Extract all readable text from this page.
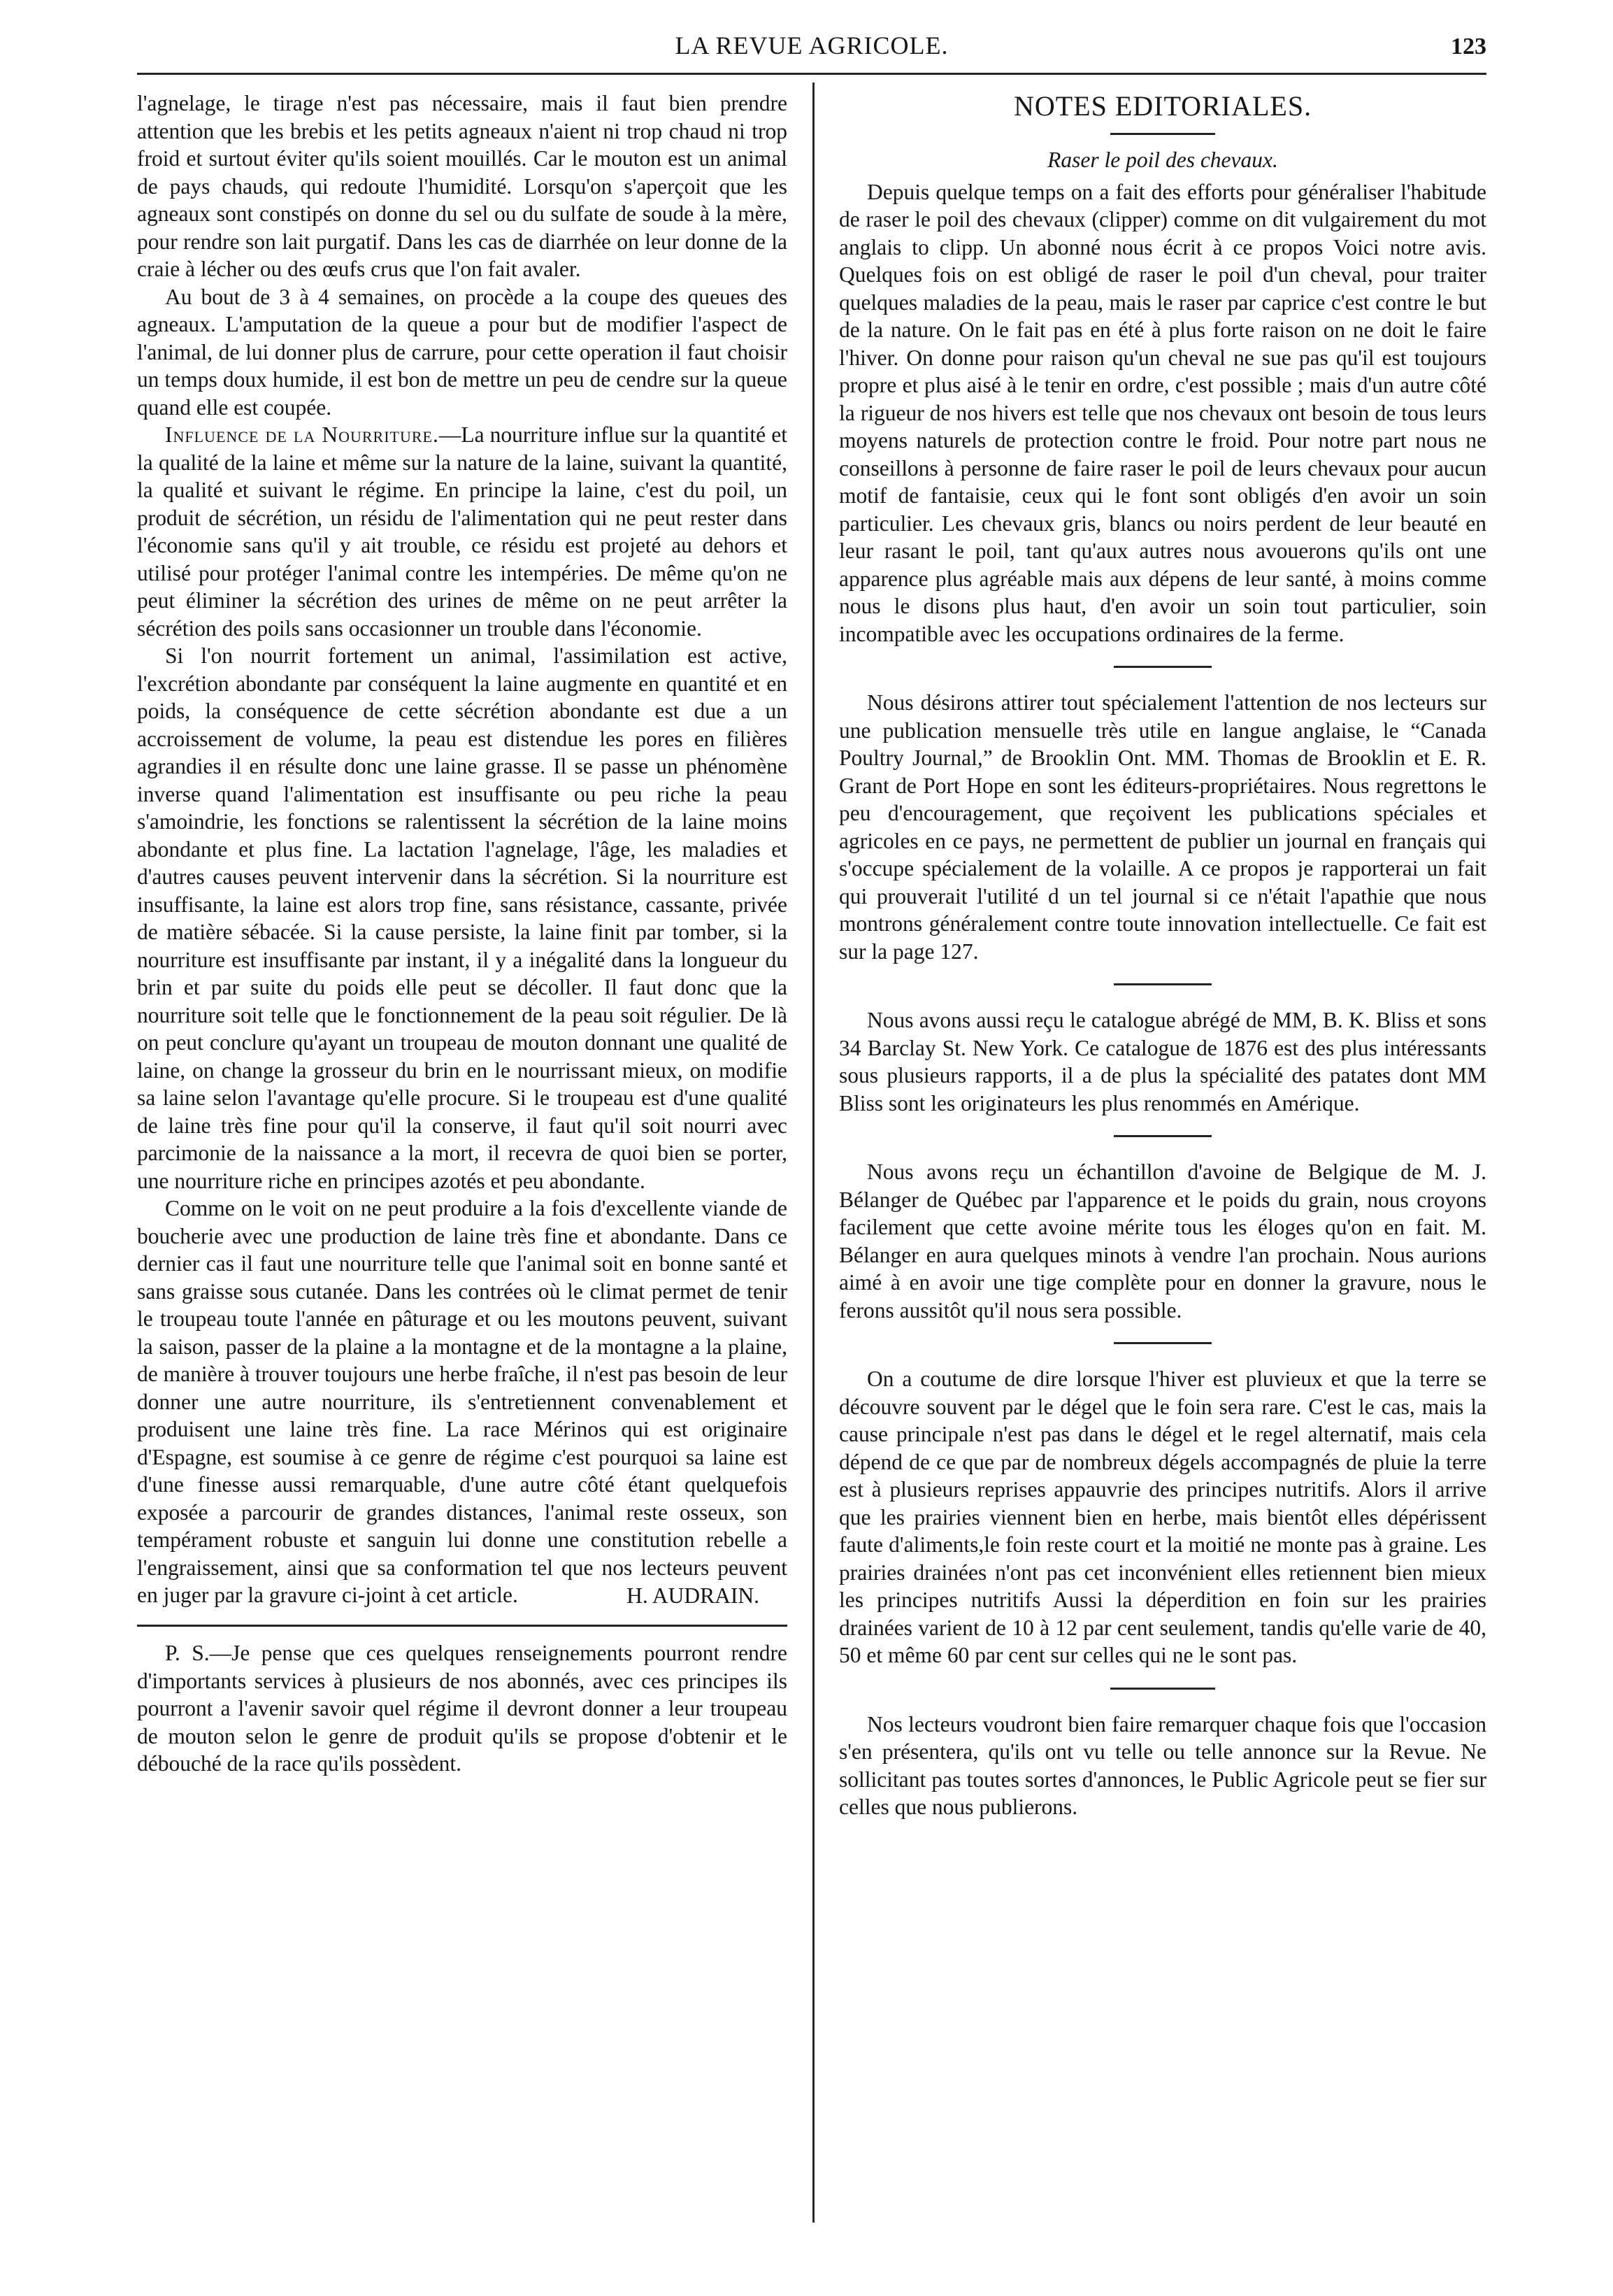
LA REVUE AGRICOLE.	123

l'agnelage, le tirage n'est pas nécessaire, mais il faut bien prendre attention que les brebis et les petits agneaux n'aient ni trop chaud ni trop froid et surtout éviter qu'ils soient mouillés. Car le mouton est un animal de pays chauds, qui redoute l'humidité. Lorsqu'on s'aperçoit que les agneaux sont constipés on donne du sel ou du sulfate de soude à la mère, pour rendre son lait purgatif. Dans les cas de diarrhée on leur donne de la craie à lécher ou des œufs crus que l'on fait avaler.

Au bout de 3 à 4 semaines, on procède a la coupe des queues des agneaux. L'amputation de la queue a pour but de modifier l'aspect de l'animal, de lui donner plus de carrure, pour cette operation il faut choisir un temps doux humide, il est bon de mettre un peu de cendre sur la queue quand elle est coupée.

Influence de la Nourriture.—La nourriture influe sur la quantité et la qualité de la laine et même sur la nature de la laine, suivant la quantité, la qualité et suivant le régime. En principe la laine, c'est du poil, un produit de sécrétion, un résidu de l'alimentation qui ne peut rester dans l'économie sans qu'il y ait trouble, ce résidu est projeté au dehors et utilisé pour protéger l'animal contre les intempéries. De même qu'on ne peut éliminer la sécrétion des urines de même on ne peut arrêter la sécrétion des poils sans occasionner un trouble dans l'économie.

Si l'on nourrit fortement un animal, l'assimilation est active, l'excrétion abondante par conséquent la laine augmente en quantité et en poids, la conséquence de cette sécrétion abondante est due a un accroissement de volume, la peau est distendue les pores en filières agrandies il en résulte donc une laine grasse. Il se passe un phénomène inverse quand l'alimentation est insuffisante ou peu riche la peau s'amoindrie, les fonctions se ralentissent la sécrétion de la laine moins abondante et plus fine. La lactation l'agnelage, l'âge, les maladies et d'autres causes peuvent intervenir dans la sécrétion. Si la nourriture est insuffisante, la laine est alors trop fine, sans résistance, cassante, privée de matière sébacée. Si la cause persiste, la laine finit par tomber, si la nourriture est insuffisante par instant, il y a inégalité dans la longueur du brin et par suite du poids elle peut se décoller. Il faut donc que la nourriture soit telle que le fonctionnement de la peau soit régulier. De là on peut conclure qu'ayant un troupeau de mouton donnant une qualité de laine, on change la grosseur du brin en le nourrissant mieux, on modifie sa laine selon l'avantage qu'elle procure. Si le troupeau est d'une qualité de laine très fine pour qu'il la conserve, il faut qu'il soit nourri avec parcimonie de la naissance a la mort, il recevra de quoi bien se porter, une nourriture riche en principes azotés et peu abondante.

Comme on le voit on ne peut produire a la fois d'excellente viande de boucherie avec une production de laine très fine et abondante. Dans ce dernier cas il faut une nourriture telle que l'animal soit en bonne santé et sans graisse sous cutanée. Dans les contrées où le climat permet de tenir le troupeau toute l'année en pâturage et ou les moutons peuvent, suivant la saison, passer de la plaine a la montagne et de la montagne a la plaine, de manière à trouver toujours une herbe fraîche, il n'est pas besoin de leur donner une autre nourriture, ils s'entretiennent convenablement et produisent une laine très fine. La race Mérinos qui est originaire d'Espagne, est soumise à ce genre de régime c'est pourquoi sa laine est d'une finesse aussi remarquable, d'une autre côté étant quelquefois exposée a parcourir de grandes distances, l'animal reste osseux, son tempérament robuste et sanguin lui donne une constitution rebelle a l'engraissement, ainsi que sa conformation tel que nos lecteurs peuvent en juger par la gravure ci-joint à cet article.	H. AUDRAIN.

P. S.—Je pense que ces quelques renseignements pourront rendre d'importants services à plusieurs de nos abonnés, avec ces principes ils pourront a l'avenir savoir quel régime il devront donner a leur troupeau de mouton selon le genre de produit qu'ils se propose d'obtenir et le débouché de la race qu'ils possèdent.

NOTES EDITORIALES.

Raser le poil des chevaux.

Depuis quelque temps on a fait des efforts pour généraliser l'habitude de raser le poil des chevaux (clipper) comme on dit vulgairement du mot anglais to clipp. Un abonné nous écrit à ce propos Voici notre avis. Quelques fois on est obligé de raser le poil d'un cheval, pour traiter quelques maladies de la peau, mais le raser par caprice c'est contre le but de la nature. On le fait pas en été à plus forte raison on ne doit le faire l'hiver. On donne pour raison qu'un cheval ne sue pas qu'il est toujours propre et plus aisé à le tenir en ordre, c'est possible ; mais d'un autre côté la rigueur de nos hivers est telle que nos chevaux ont besoin de tous leurs moyens naturels de protection contre le froid. Pour notre part nous ne conseillons à personne de faire raser le poil de leurs chevaux pour aucun motif de fantaisie, ceux qui le font sont obligés d'en avoir un soin particulier. Les chevaux gris, blancs ou noirs perdent de leur beauté en leur rasant le poil, tant qu'aux autres nous avouerons qu'ils ont une apparence plus agréable mais aux dépens de leur santé, à moins comme nous le disons plus haut, d'en avoir un soin tout particulier, soin incompatible avec les occupations ordinaires de la ferme.

Nous désirons attirer tout spécialement l'attention de nos lecteurs sur une publication mensuelle très utile en langue anglaise, le “Canada Poultry Journal,” de Brooklin Ont. MM. Thomas de Brooklin et E. R. Grant de Port Hope en sont les éditeurs-propriétaires. Nous regrettons le peu d'encouragement, que reçoivent les publications spéciales et agricoles en ce pays, ne permettent de publier un journal en français qui s'occupe spécialement de la volaille. A ce propos je rapporterai un fait qui prouverait l'utilité d un tel journal si ce n'était l'apathie que nous montrons généralement contre toute innovation intellectuelle. Ce fait est sur la page 127.

Nous avons aussi reçu le catalogue abrégé de MM, B. K. Bliss et sons 34 Barclay St. New York. Ce catalogue de 1876 est des plus intéressants sous plusieurs rapports, il a de plus la spécialité des patates dont MM Bliss sont les originateurs les plus renommés en Amérique.

Nous avons reçu un échantillon d'avoine de Belgique de M. J. Bélanger de Québec par l'apparence et le poids du grain, nous croyons facilement que cette avoine mérite tous les éloges qu'on en fait. M. Bélanger en aura quelques minots à vendre l'an prochain. Nous aurions aimé à en avoir une tige complète pour en donner la gravure, nous le ferons aussitôt qu'il nous sera possible.

On a coutume de dire lorsque l'hiver est pluvieux et que la terre se découvre souvent par le dégel que le foin sera rare. C'est le cas, mais la cause principale n'est pas dans le dégel et le regel alternatif, mais cela dépend de ce que par de nombreux dégels accompagnés de pluie la terre est à plusieurs reprises appauvrie des principes nutritifs. Alors il arrive que les prairies viennent bien en herbe, mais bientôt elles dépérissent faute d'aliments,le foin reste court et la moitié ne monte pas à graine. Les prairies drainées n'ont pas cet inconvénient elles retiennent bien mieux les principes nutritifs Aussi la déperdition en foin sur les prairies drainées varient de 10 à 12 par cent seulement, tandis qu'elle varie de 40, 50 et même 60 par cent sur celles qui ne le sont pas.

Nos lecteurs voudront bien faire remarquer chaque fois que l'occasion s'en présentera, qu'ils ont vu telle ou telle annonce sur la Revue. Ne sollicitant pas toutes sortes d'annonces, le Public Agricole peut se fier sur celles que nous publierons.
